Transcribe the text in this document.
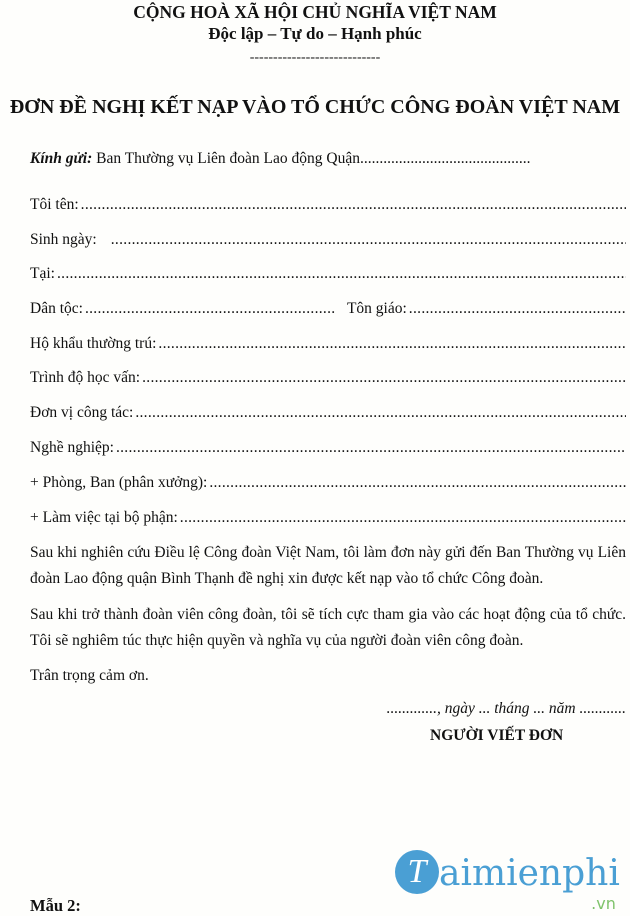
CỘNG HOÀ XÃ HỘI CHỦ NGHĨA VIỆT NAM
Độc lập – Tự do – Hạnh phúc
----------------------------
ĐƠN ĐỀ NGHỊ KẾT NẠP VÀO TỔ CHỨC CÔNG ĐOÀN VIỆT NAM
Kính gửi: Ban Thường vụ Liên đoàn Lao động Quận............................................
Tôi tên:
.....
Sinh ngày:
.....
Tại:
.....
Dân tộc: .....	Tôn giáo:
.....
Hộ khẩu thường trú:
.....
Trình độ học vấn:
.....
Đơn vị công tác:
.....
Nghề nghiệp:
.....
+ Phòng, Ban (phân xưởng):
.....
+ Làm việc tại bộ phận:
.....
Sau khi nghiên cứu Điều lệ Công đoàn Việt Nam, tôi làm đơn này gửi đến Ban Thường vụ Liên đoàn Lao động quận Bình Thạnh đề nghị xin được kết nạp vào tổ chức Công đoàn.
Sau khi trở thành đoàn viên công đoàn, tôi sẽ tích cực tham gia vào các hoạt động của tổ chức. Tôi sẽ nghiêm túc thực hiện quyền và nghĩa vụ của người đoàn viên công đoàn.
Trân trọng cảm ơn.
............., ngày ... tháng ... năm ............
NGƯỜI VIẾT ĐƠN
T aimienphi
.vn
Mẫu 2:
